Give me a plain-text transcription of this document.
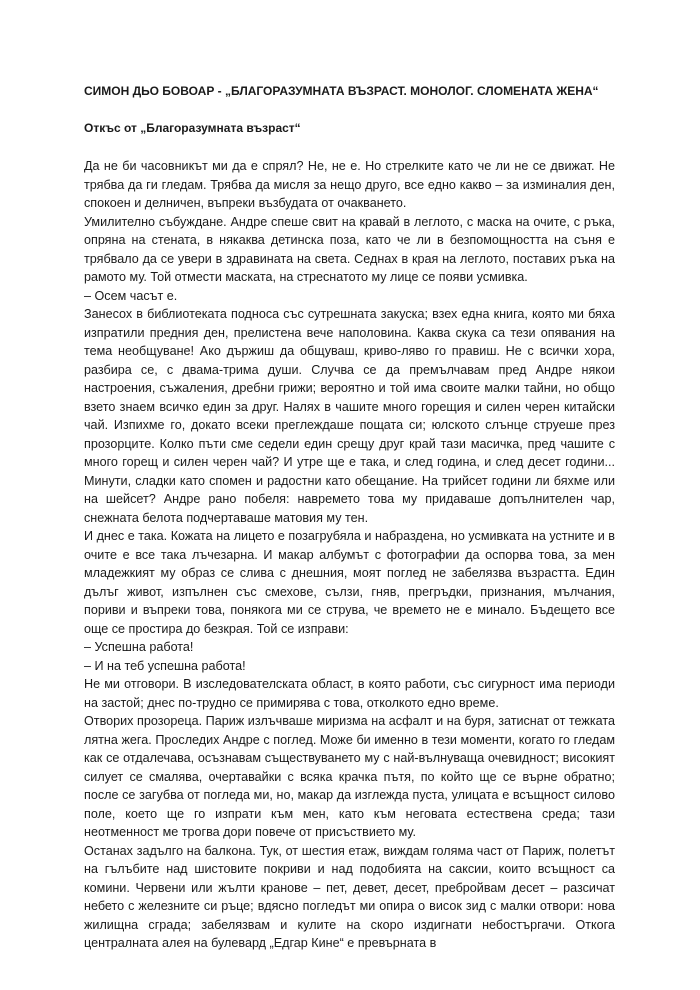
СИМОН ДЬО БОВОАР - „БЛАГОРАЗУМНАТА ВЪЗРАСТ. МОНОЛОГ. СЛОМЕНАТА ЖЕНА“
Откъс от „Благоразумната възраст“

Да не би часовникът ми да е спрял? Не, не е. Но стрелките като че ли не се движат. Не трябва да ги гледам. Трябва да мисля за нещо друго, все едно какво – за изминалия ден, спокоен и делничен, въпреки възбудата от очакването.

Умилително събуждане. Андре спеше свит на кравай в леглото, с маска на очите, с ръка, опряна на стената, в някаква детинска поза, като че ли в безпомощността на съня е трябвало да се увери в здравината на света. Седнах в края на леглото, поставих ръка на рамото му. Той отмести маската, на стреснатото му лице се появи усмивка.

– Осем часът е.

Занесох в библиотеката подноса със сутрешната закуска; взех една книга, която ми бяха изпратили предния ден, прелистена вече наполовина. Каква скука са тези опявания на тема необщуване! Ако държиш да общуваш, криво-ляво го правиш. Не с всички хора, разбира се, с двама-трима души. Случва се да премълчавам пред Андре някои настроения, съжаления, дребни грижи; вероятно и той има своите малки тайни, но общо взето знаем всичко един за друг. Налях в чашите много горещия и силен черен китайски чай. Изпихме го, докато всеки преглеждаше пощата си; юлското слънце струеше през прозорците. Колко пъти сме седели един срещу друг край тази масичка, пред чашите с много горещ и силен черен чай? И утре ще е така, и след година, и след десет години... Минути, сладки като спомен и радостни като обещание. На трийсет години ли бяхме или на шейсет? Андре рано побеля: навремето това му придаваше допълнителен чар, снежната белота подчертаваше матовия му тен.

И днес е така. Кожата на лицето е позагрубяла и набраздена, но усмивката на устните и в очите е все така лъчезарна. И макар албумът с фотографии да оспорва това, за мен младежкият му образ се слива с днешния, моят поглед не забелязва възрастта. Един дълъг живот, изпълнен със смехове, сълзи, гняв, прегръдки, признания, мълчания, пориви и въпреки това, понякога ми се струва, че времето не е минало. Бъдещето все още се простира до безкрая. Той се изправи:

– Успешна работа!

– И на теб успешна работа!

Не ми отговори. В изследователската област, в която работи, със сигурност има периоди на застой; днес по-трудно се примирява с това, отколкото едно време.

Отворих прозореца. Париж излъчваше миризма на асфалт и на буря, затиснат от тежката лятна жега. Проследих Андре с поглед. Може би именно в тези моменти, когато го гледам как се отдалечава, осъзнавам съществуването му с най-вълнуваща очевидност; високият силует се смалява, очертавайки с всяка крачка пътя, по който ще се върне обратно; после се загубва от погледа ми, но, макар да изглежда пуста, улицата е всъщност силово поле, което ще го изпрати към мен, като към неговата естествена среда; тази неотменност ме трогва дори повече от присъствието му.

Останах задълго на балкона. Тук, от шестия етаж, виждам голяма част от Париж, полетът на гълъбите над шистовите покриви и над подобията на саксии, които всъщност са комини. Червени или жълти кранове – пет, девет, десет, пребройвам десет – разсичат небето с железните си ръце; вдясно погледът ми опира о висок зид с малки отвори: нова жилищна сграда; забелязвам и кулите на скоро издигнати небостъргачи. Откога централната алея на булевард „Едгар Кине“ е превърната в
